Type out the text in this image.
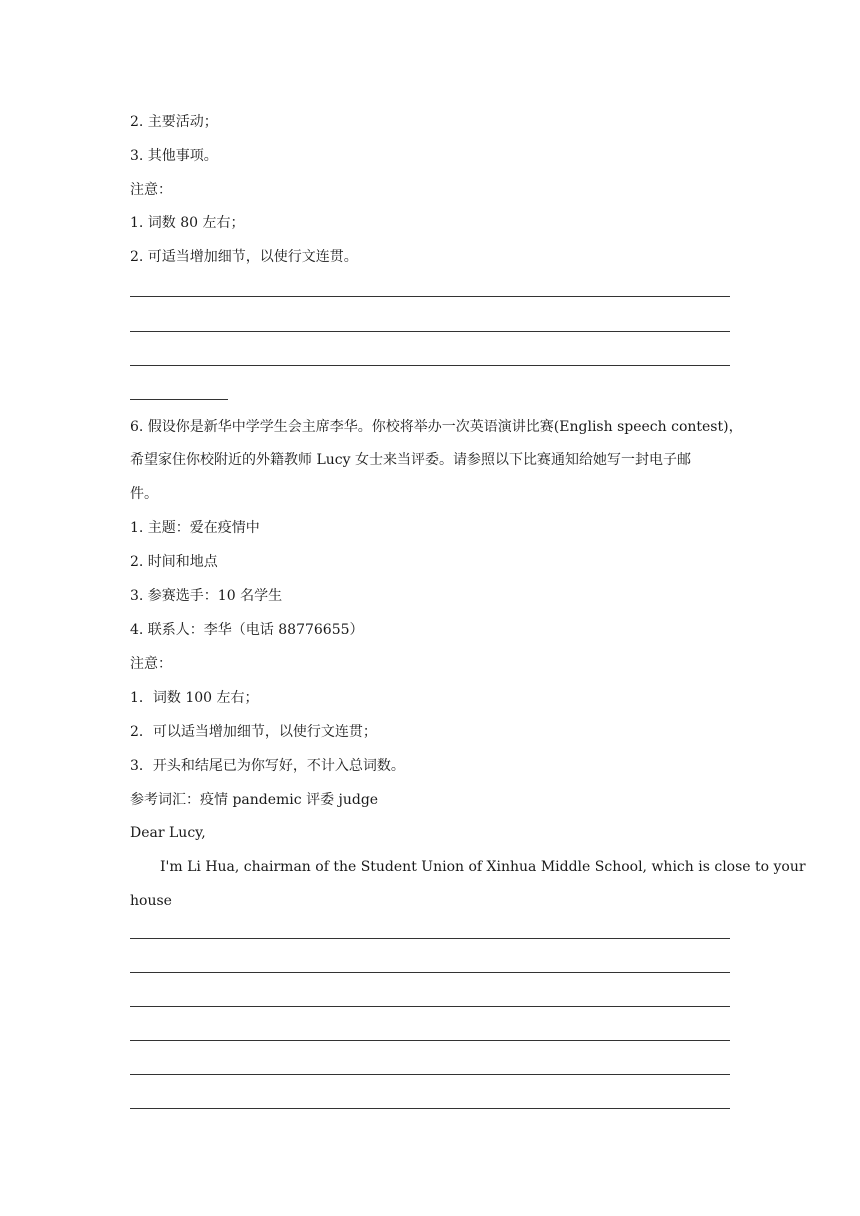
2. 主要活动；
3. 其他事项。
注意：
1. 词数 80 左右；
2. 可适当增加细节，以使行文连贯。
6. 假设你是新华中学学生会主席李华。你校将举办一次英语演讲比赛(English speech contest)，
希望家住你校附近的外籍教师 Lucy 女士来当评委。请参照以下比赛通知给她写一封电子邮
件。
1. 主题：爱在疫情中
2. 时间和地点
3. 参赛选手：10 名学生
4. 联系人：李华（电话 88776655）
注意：
1．词数 100 左右；
2．可以适当增加细节，以使行文连贯；
3．开头和结尾已为你写好，不计入总词数。
参考词汇：疫情 pandemic 评委 judge
Dear Lucy,
I'm Li Hua, chairman of the Student Union of Xinhua Middle School, which is close to your
house
